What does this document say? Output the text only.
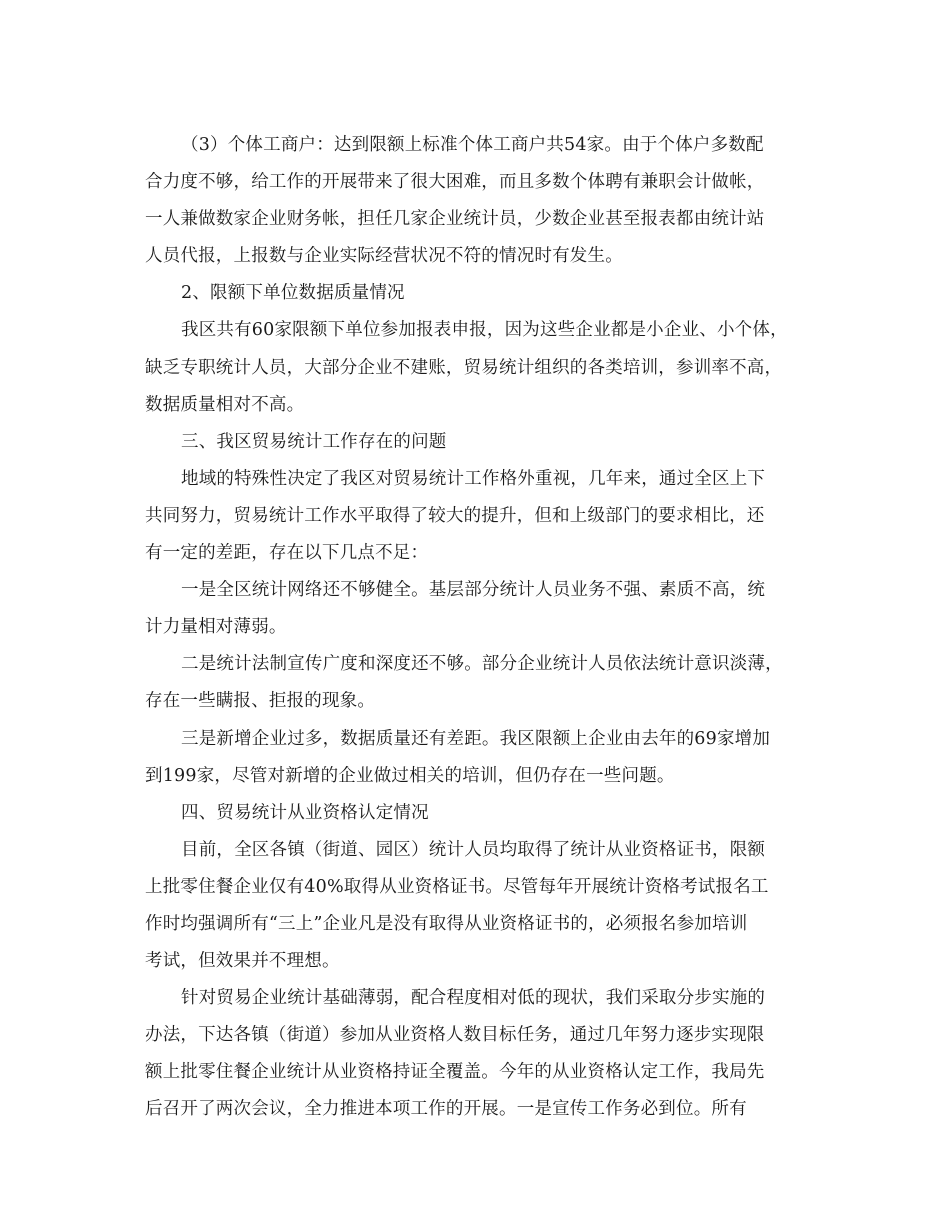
（3）个体工商户：达到限额上标准个体工商户共54家。由于个体户多数配
合力度不够，给工作的开展带来了很大困难，而且多数个体聘有兼职会计做帐，
一人兼做数家企业财务帐，担任几家企业统计员，少数企业甚至报表都由统计站
人员代报，上报数与企业实际经营状况不符的情况时有发生。
2、限额下单位数据质量情况
我区共有60家限额下单位参加报表申报，因为这些企业都是小企业、小个体，
缺乏专职统计人员，大部分企业不建账，贸易统计组织的各类培训，参训率不高，
数据质量相对不高。
三、我区贸易统计工作存在的问题
地域的特殊性决定了我区对贸易统计工作格外重视，几年来，通过全区上下
共同努力，贸易统计工作水平取得了较大的提升，但和上级部门的要求相比，还
有一定的差距，存在以下几点不足：
一是全区统计网络还不够健全。基层部分统计人员业务不强、素质不高，统
计力量相对薄弱。
二是统计法制宣传广度和深度还不够。部分企业统计人员依法统计意识淡薄，
存在一些瞒报、拒报的现象。
三是新增企业过多，数据质量还有差距。我区限额上企业由去年的69家增加
到199家，尽管对新增的企业做过相关的培训，但仍存在一些问题。
四、贸易统计从业资格认定情况
目前，全区各镇（街道、园区）统计人员均取得了统计从业资格证书，限额
上批零住餐企业仅有40%取得从业资格证书。尽管每年开展统计资格考试报名工
作时均强调所有“三上”企业凡是没有取得从业资格证书的，必须报名参加培训
考试，但效果并不理想。
针对贸易企业统计基础薄弱，配合程度相对低的现状，我们采取分步实施的
办法，下达各镇（街道）参加从业资格人数目标任务，通过几年努力逐步实现限
额上批零住餐企业统计从业资格持证全覆盖。今年的从业资格认定工作，我局先
后召开了两次会议，全力推进本项工作的开展。一是宣传工作务必到位。所有
